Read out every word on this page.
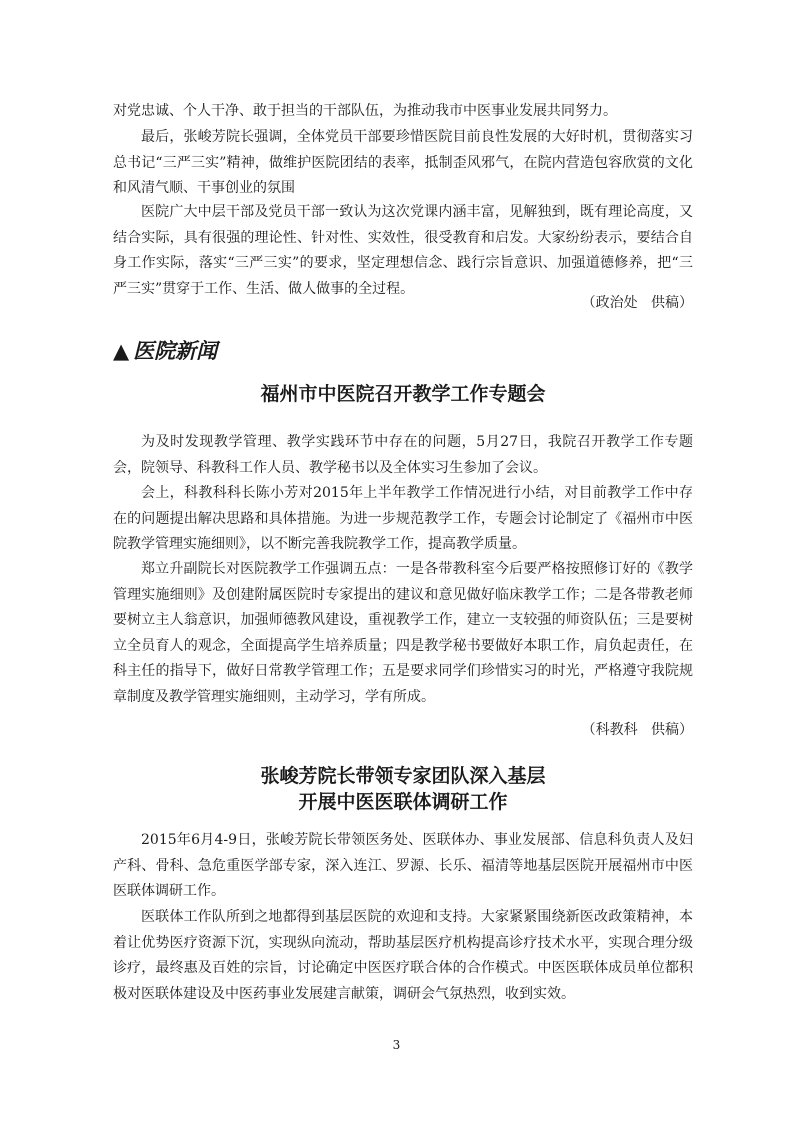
对党忠诚、个人干净、敢于担当的干部队伍，为推动我市中医事业发展共同努力。

最后，张峻芳院长强调，全体党员干部要珍惜医院目前良性发展的大好时机，贯彻落实习总书记“三严三实”精神，做维护医院团结的表率，抵制歪风邪气，在院内营造包容欣赏的文化和风清气顺、干事创业的氛围

医院广大中层干部及党员干部一致认为这次党课内涵丰富，见解独到，既有理论高度，又结合实际，具有很强的理论性、针对性、实效性，很受教育和启发。大家纷纷表示，要结合自身工作实际，落实“三严三实”的要求，坚定理想信念、践行宗旨意识、加强道德修养，把“三严三实”贯穿于工作、生活、做人做事的全过程。

（政治处   供稿）

▲ 医院新闻
福州市中医院召开教学工作专题会

为及时发现教学管理、教学实践环节中存在的问题，5月27日，我院召开教学工作专题会，院领导、科教科工作人员、教学秘书以及全体实习生参加了会议。

会上，科教科科长陈小芳对2015年上半年教学工作情况进行小结，对目前教学工作中存在的问题提出解决思路和具体措施。为进一步规范教学工作，专题会讨论制定了《福州市中医院教学管理实施细则》，以不断完善我院教学工作，提高教学质量。

郑立升副院长对医院教学工作强调五点：一是各带教科室今后要严格按照修订好的《教学管理实施细则》及创建附属医院时专家提出的建议和意见做好临床教学工作；二是各带教老师要树立主人翁意识，加强师德教风建设，重视教学工作，建立一支较强的师资队伍；三是要树立全员育人的观念，全面提高学生培养质量；四是教学秘书要做好本职工作，肩负起责任，在科主任的指导下，做好日常教学管理工作；五是要求同学们珍惜实习的时光，严格遵守我院规章制度及教学管理实施细则，主动学习，学有所成。

（科教科   供稿）

张峻芳院长带领专家团队深入基层
开展中医医联体调研工作

2015年6月4-9日，张峻芳院长带领医务处、医联体办、事业发展部、信息科负责人及妇产科、骨科、急危重医学部专家，深入连江、罗源、长乐、福清等地基层医院开展福州市中医医联体调研工作。

医联体工作队所到之地都得到基层医院的欢迎和支持。大家紧紧围绕新医改政策精神，本着让优势医疗资源下沉，实现纵向流动，帮助基层医疗机构提高诊疗技术水平，实现合理分级诊疗，最终惠及百姓的宗旨，讨论确定中医医疗联合体的合作模式。中医医联体成员单位都积极对医联体建设及中医药事业发展建言献策，调研会气氛热烈，收到实效。

3
